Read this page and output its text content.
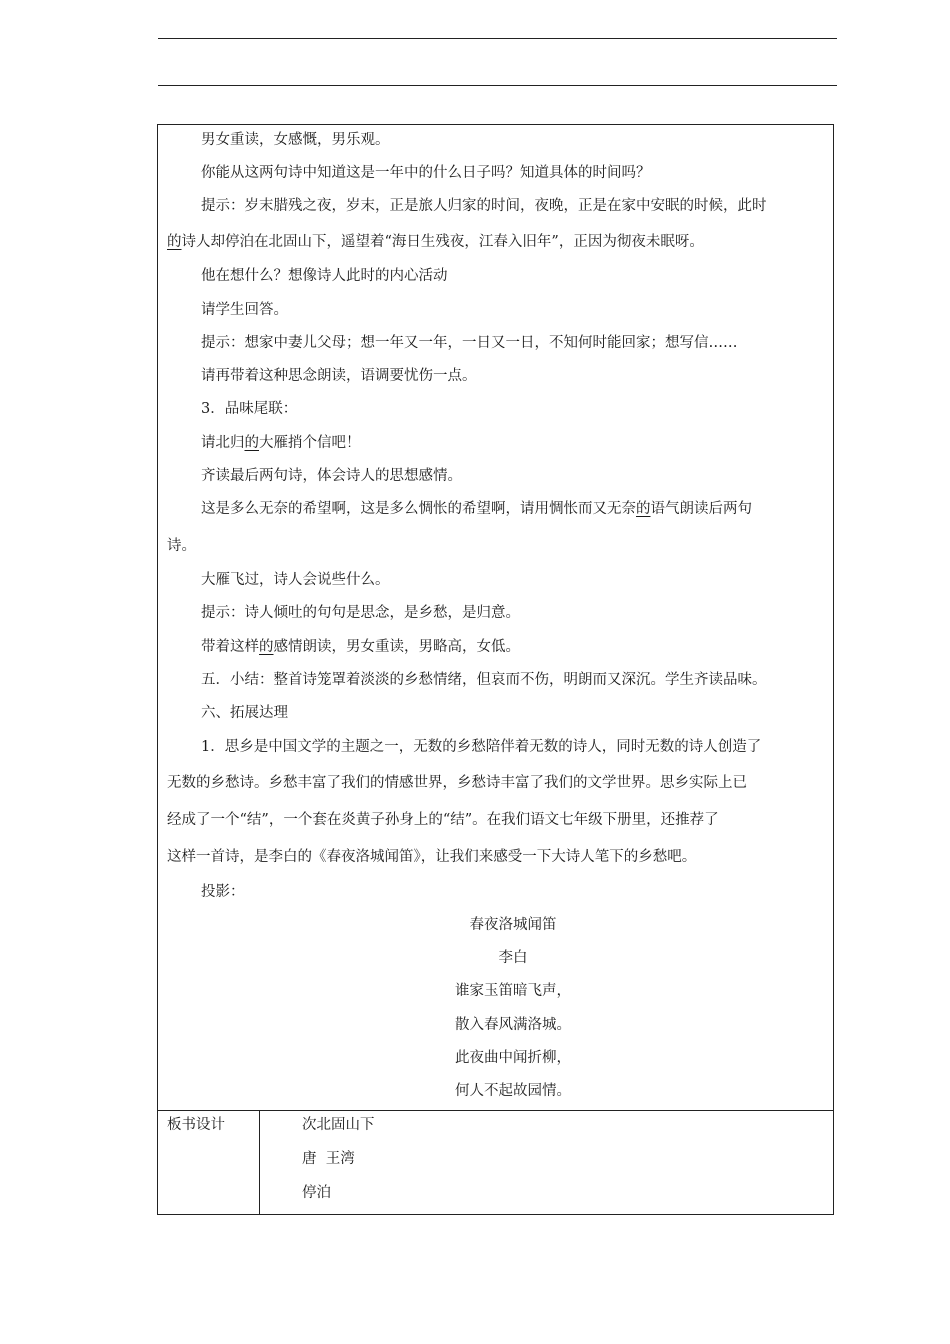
男女重读，女感慨，男乐观。
你能从这两句诗中知道这是一年中的什么日子吗？知道具体的时间吗？
提示：岁末腊残之夜，岁末，正是旅人归家的时间，夜晚，正是在家中安眠的时候，此时
的诗人却停泊在北固山下，遥望着“海日生残夜，江春入旧年”，正因为彻夜未眠呀。
他在想什么？想像诗人此时的内心活动
请学生回答。
提示：想家中妻儿父母；想一年又一年，一日又一日，不知何时能回家；想写信……
请再带着这种思念朗读，语调要忧伤一点。
3．品味尾联：
请北归的大雁捎个信吧！
齐读最后两句诗，体会诗人的思想感情。
这是多么无奈的希望啊，这是多么惆怅的希望啊，请用惆怅而又无奈的语气朗读后两句
诗。
大雁飞过，诗人会说些什么。
提示：诗人倾吐的句句是思念，是乡愁，是归意。
带着这样的感情朗读，男女重读，男略高，女低。
五．小结：整首诗笼罩着淡淡的乡愁情绪，但哀而不伤，明朗而又深沉。学生齐读品味。
六、拓展达理
1．思乡是中国文学的主题之一，无数的乡愁陪伴着无数的诗人，同时无数的诗人创造了
无数的乡愁诗。乡愁丰富了我们的情感世界，乡愁诗丰富了我们的文学世界。思乡实际上已
经成了一个“结”，一个套在炎黄子孙身上的“结”。在我们语文七年级下册里，还推荐了
这样一首诗，是李白的《春夜洛城闻笛》，让我们来感受一下大诗人笔下的乡愁吧。
投影：
春夜洛城闻笛
李白
谁家玉笛暗飞声，
散入春风满洛城。
此夜曲中闻折柳，
何人不起故园情。
板书设计	次北固山下
唐  王湾
停泊
